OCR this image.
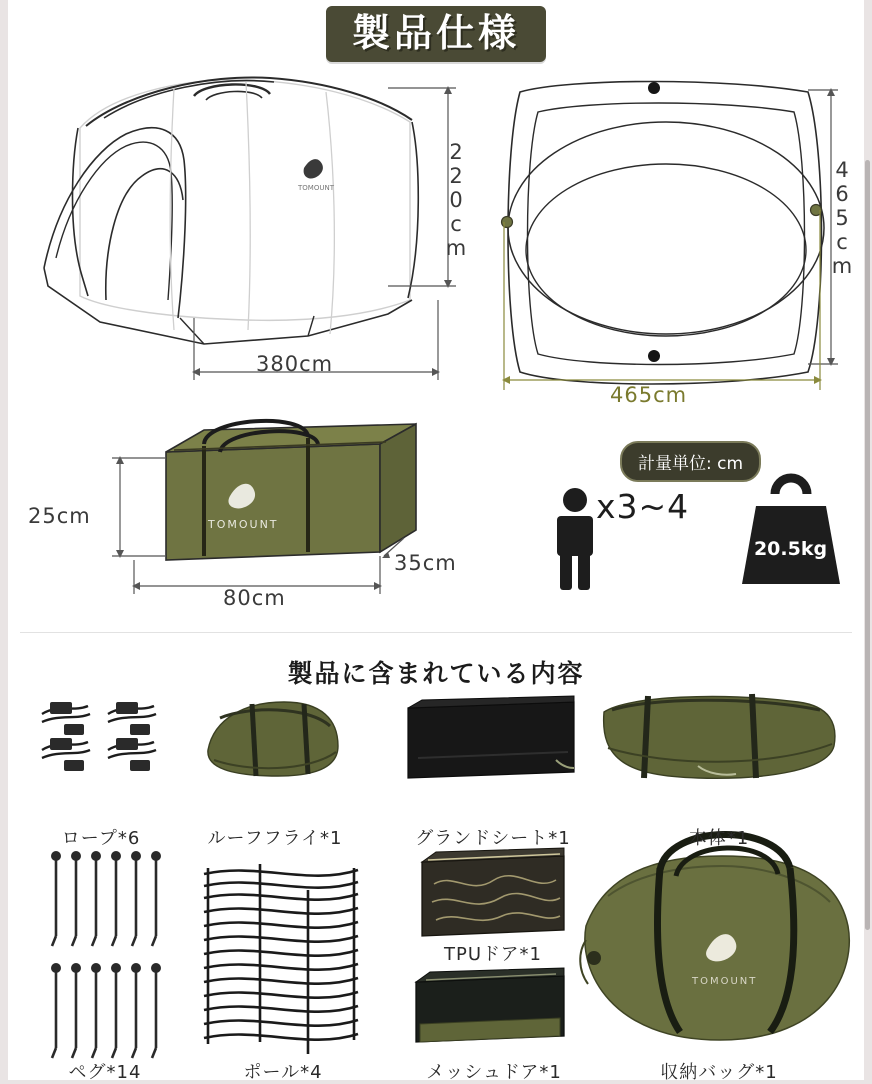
製品仕様
TOMOUNT
TOMOUNT
220cm
380cm
465cm
465cm
25cm
35cm
80cm
計量単位: cm
x3~4
20.5kg
製品に含まれている内容
TOMOUNT
ロープ*6	ルーフフライ*1	グランドシート*1	本体*1
ペグ*14	ポール*4
TPUドア*1
メッシュドア*1	収納バッグ*1
